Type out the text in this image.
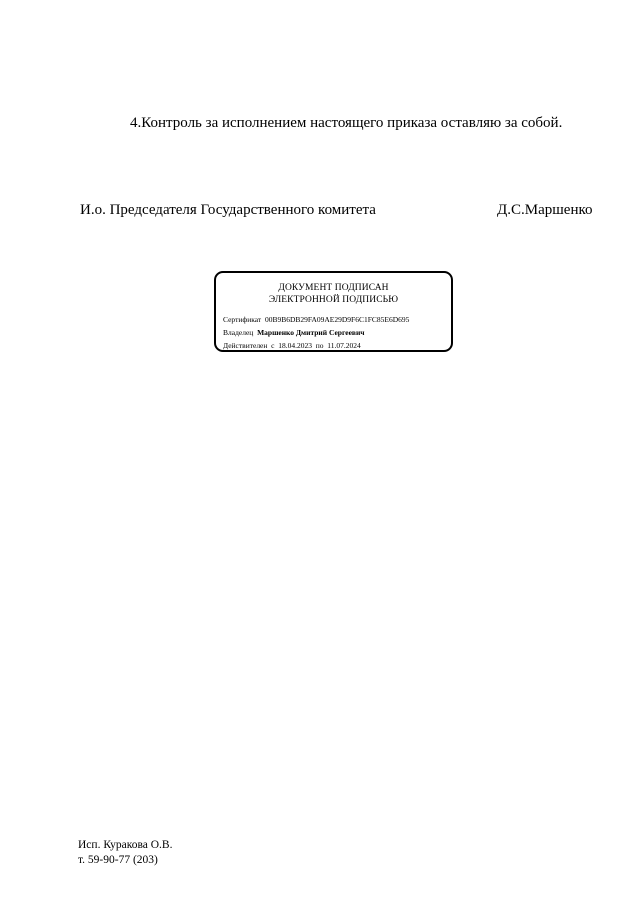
4.Контроль за исполнением настоящего приказа оставляю за собой.
И.о. Председателя Государственного комитета	Д.С.Маршенко
ДОКУМЕНТ ПОДПИСАН
ЭЛЕКТРОННОЙ ПОДПИСЬЮ
Сертификат 00B9B6DB29FA09AE29D9F6C1FC85E6D695
Владелец Маршенко Дмитрий Сергеевич
Действителен с 18.04.2023 по 11.07.2024
Исп. Куракова О.В.
т. 59-90-77 (203)
